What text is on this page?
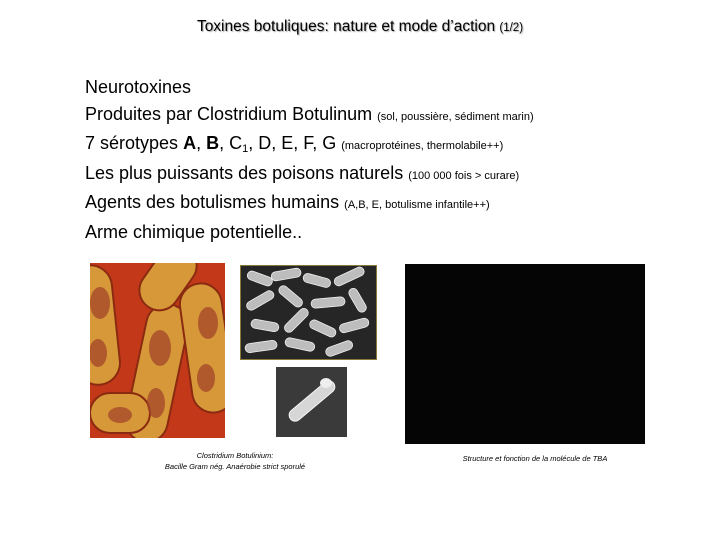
Toxines botuliques: nature et mode d’action (1/2)
Neurotoxines
Produites par Clostridium Botulinum (sol, poussière, sédiment marin)
7 sérotypes A, B, $C_1$, D, E, F, G (macroprotéines, thermolabile++)
Les plus puissants des poisons naturels (100 000 fois > curare)
Agents des botulismes humains (A,B, E, botulisme infantile++)
Arme chimique potentielle..
Clostridium Botulinium:
Bacille Gram nég. Anaérobie strict sporulé
Structure et fonction de la molécule de TBA
